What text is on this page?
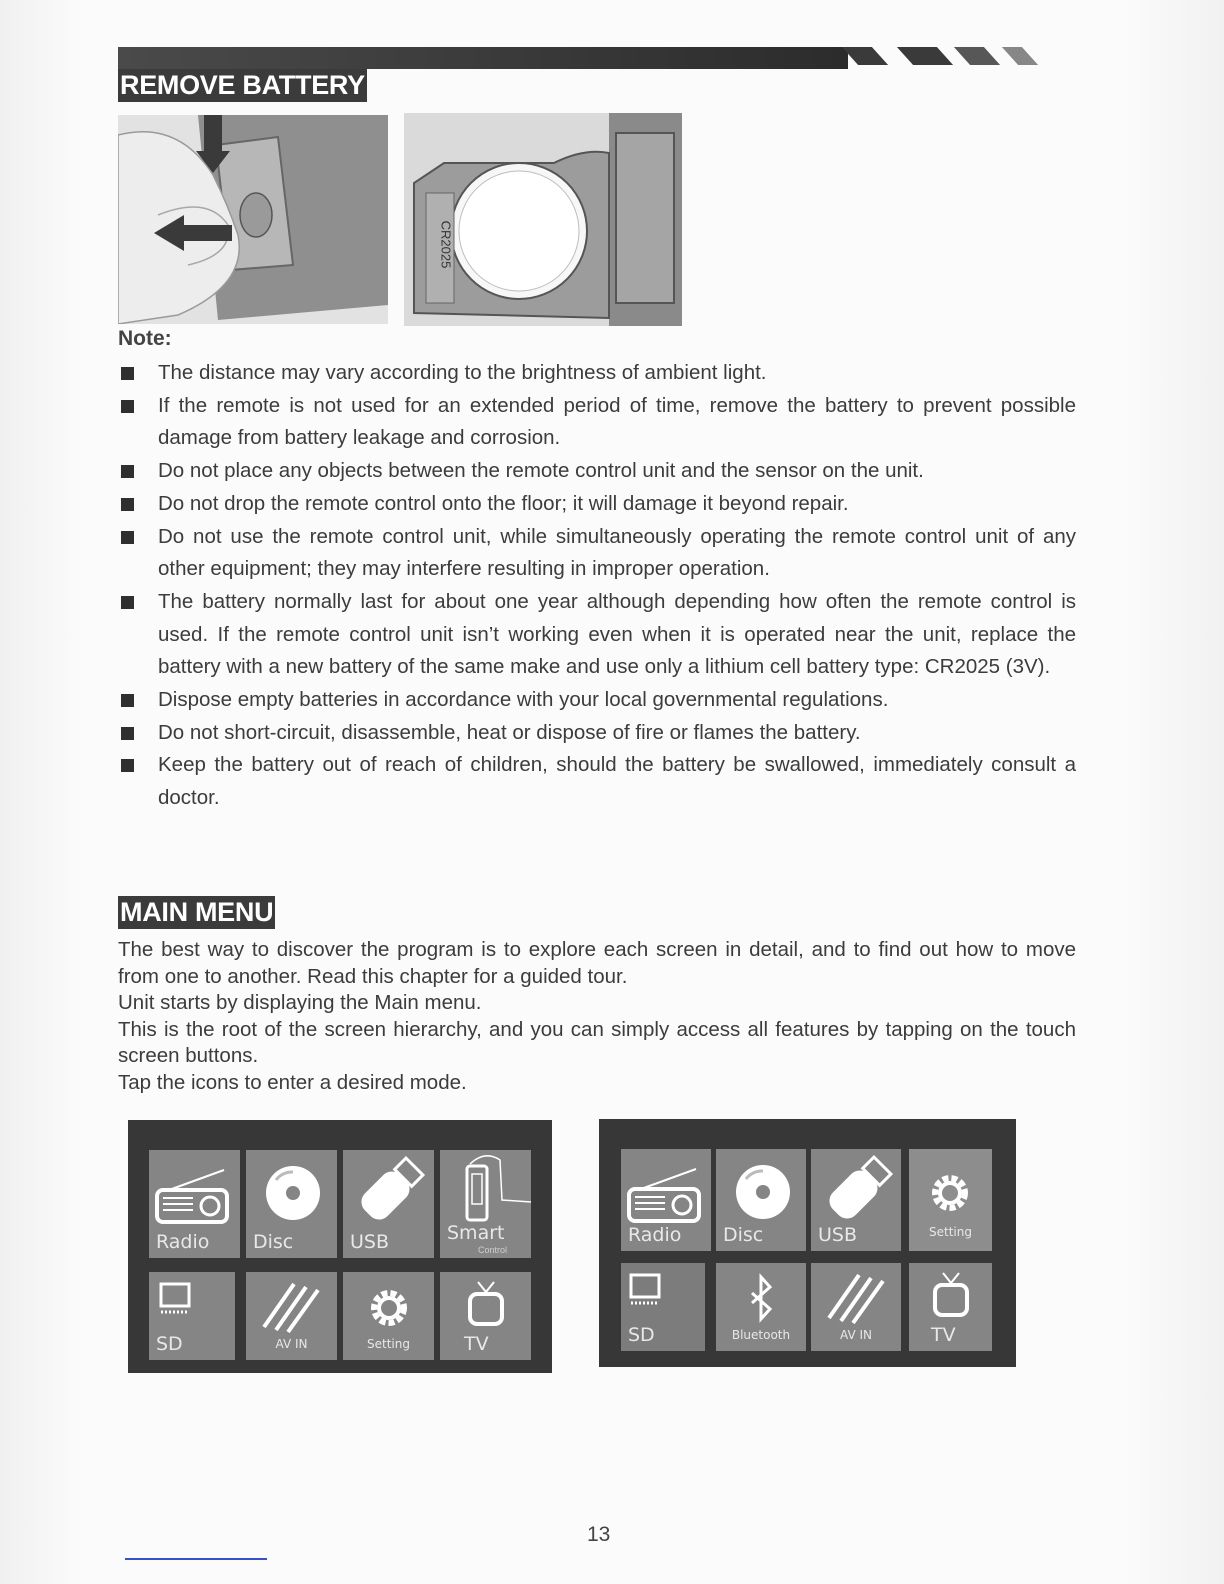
REMOVE BATTERY
CR2025
Note:
The distance may vary according to the brightness of ambient light.
If the remote is not used for an extended period of time, remove the battery to prevent possible damage from battery leakage and corrosion.
Do not place any objects between the remote control unit and the sensor on the unit.
Do not drop the remote control onto the floor; it will damage it beyond repair.
Do not use the remote control unit, while simultaneously operating the remote control unit of any other equipment; they may interfere resulting in improper operation.
The battery normally last for about one year although depending how often the remote control is used. If the remote control unit isn’t working even when it is operated near the unit, replace the battery with a new battery of the same make and use only a lithium cell battery type: CR2025 (3V).
Dispose empty batteries in accordance with your local governmental regulations.
Do not short-circuit, disassemble, heat or dispose of fire or flames the battery.
Keep the battery out of reach of children, should the battery be swallowed, immediately consult a doctor.
MAIN MENU

The best way to discover the program is to explore each screen in detail, and to find out how to move from one to another. Read this chapter for a guided tour.

Unit starts by displaying the Main menu.

This is the root of the screen hierarchy, and you can simply access all features by tapping on the touch screen buttons.

Tap the icons to enter a desired mode.

Radio Disc	USB	Smart
Control
SD	AV IN	Setting	TV
Radio Disc	USB	Setting
SD	Bluetooth	AV IN	TV
13
